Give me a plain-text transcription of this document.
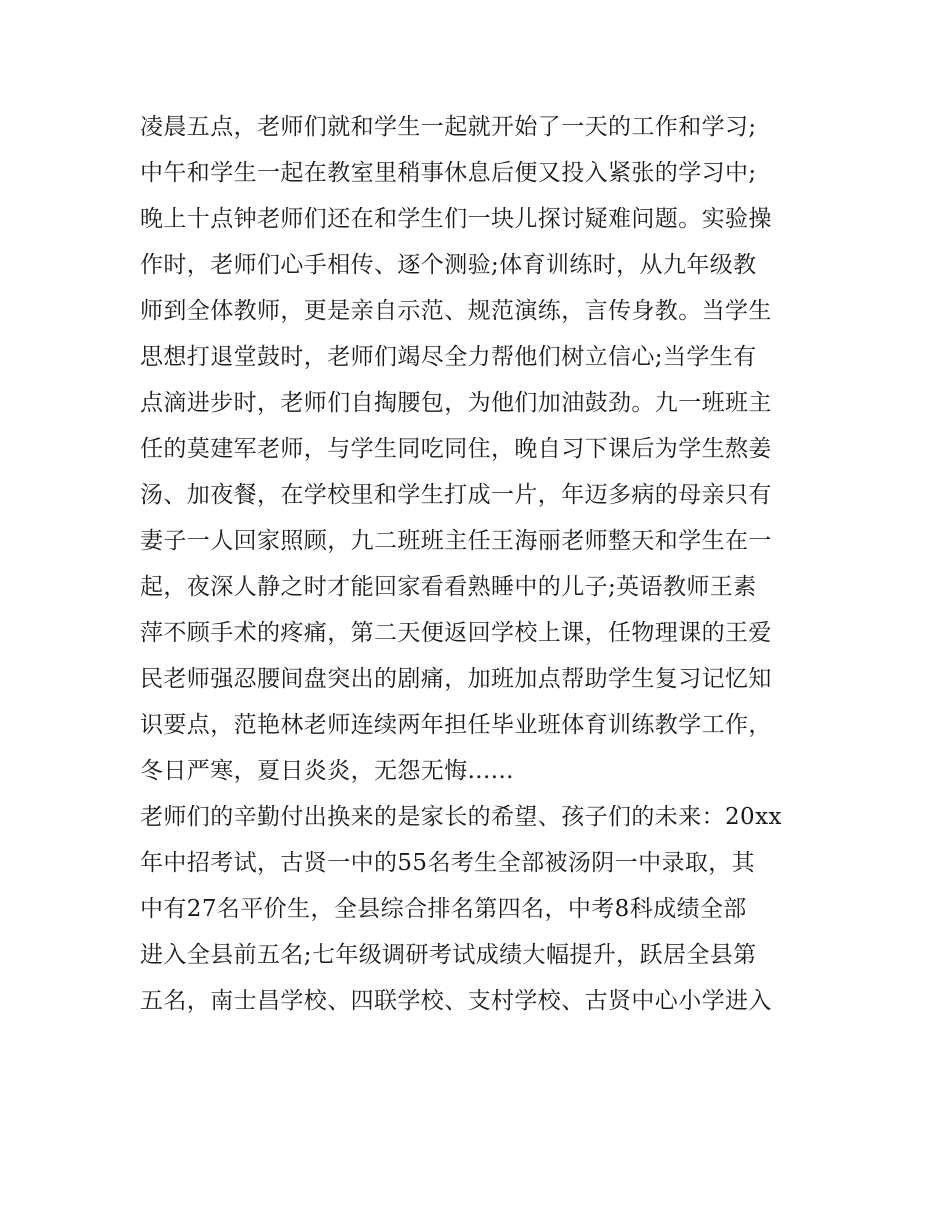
凌晨五点，老师们就和学生一起就开始了一天的工作和学习;
中午和学生一起在教室里稍事休息后便又投入紧张的学习中;
晚上十点钟老师们还在和学生们一块儿探讨疑难问题。实验操
作时，老师们心手相传、逐个测验;体育训练时，从九年级教
师到全体教师，更是亲自示范、规范演练，言传身教。当学生
思想打退堂鼓时，老师们竭尽全力帮他们树立信心;当学生有
点滴进步时，老师们自掏腰包，为他们加油鼓劲。九一班班主
任的莫建军老师，与学生同吃同住，晚自习下课后为学生熬姜
汤、加夜餐，在学校里和学生打成一片，年迈多病的母亲只有
妻子一人回家照顾，九二班班主任王海丽老师整天和学生在一
起，夜深人静之时才能回家看看熟睡中的儿子;英语教师王素
萍不顾手术的疼痛，第二天便返回学校上课，任物理课的王爱
民老师强忍腰间盘突出的剧痛，加班加点帮助学生复习记忆知
识要点，范艳林老师连续两年担任毕业班体育训练教学工作，
冬日严寒，夏日炎炎，无怨无悔......
老师们的辛勤付出换来的是家长的希望、孩子们的未来：20xx
年中招考试，古贤一中的55名考生全部被汤阴一中录取，其
中有27名平价生，全县综合排名第四名，中考8科成绩全部
进入全县前五名;七年级调研考试成绩大幅提升，跃居全县第
五名，南士昌学校、四联学校、支村学校、古贤中心小学进入
